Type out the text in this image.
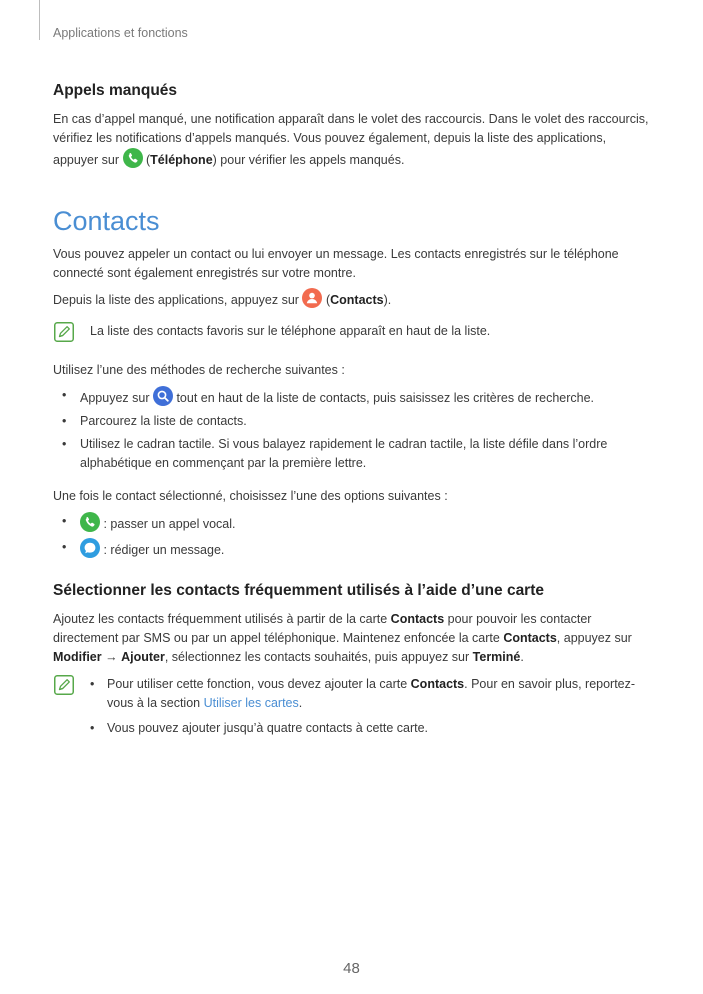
Applications et fonctions
Appels manqués

En cas d’appel manqué, une notification apparaît dans le volet des raccourcis. Dans le volet des raccourcis, vérifiez les notifications d’appels manqués. Vous pouvez également, depuis la liste des applications, appuyer sur  (Téléphone) pour vérifier les appels manqués.

Contacts

Vous pouvez appeler un contact ou lui envoyer un message. Les contacts enregistrés sur le téléphone connecté sont également enregistrés sur votre montre.

Depuis la liste des applications, appuyez sur  (Contacts).

La liste des contacts favoris sur le téléphone apparaît en haut de la liste.

Utilisez l’une des méthodes de recherche suivantes :

• Appuyez sur tout en haut de la liste de contacts, puis saisissez les critères de recherche.
• Parcourez la liste de contacts.
• Utilisez le cadran tactile. Si vous balayez rapidement le cadran tactile, la liste défile dans l’ordre alphabétique en commençant par la première lettre.

Une fois le contact sélectionné, choisissez l’une des options suivantes :

• : passer un appel vocal.
• : rédiger un message.
Sélectionner les contacts fréquemment utilisés à l’aide d’une carte

Ajoutez les contacts fréquemment utilisés à partir de la carte Contacts pour pouvoir les contacter directement par SMS ou par un appel téléphonique. Maintenez enfoncée la carte Contacts, appuyez sur Modifier → Ajouter, sélectionnez les contacts souhaités, puis appuyez sur Terminé.

• Pour utiliser cette fonction, vous devez ajouter la carte Contacts. Pour en savoir plus, reportez-vous à la section Utiliser les cartes.
• Vous pouvez ajouter jusqu’à quatre contacts à cette carte.
48
